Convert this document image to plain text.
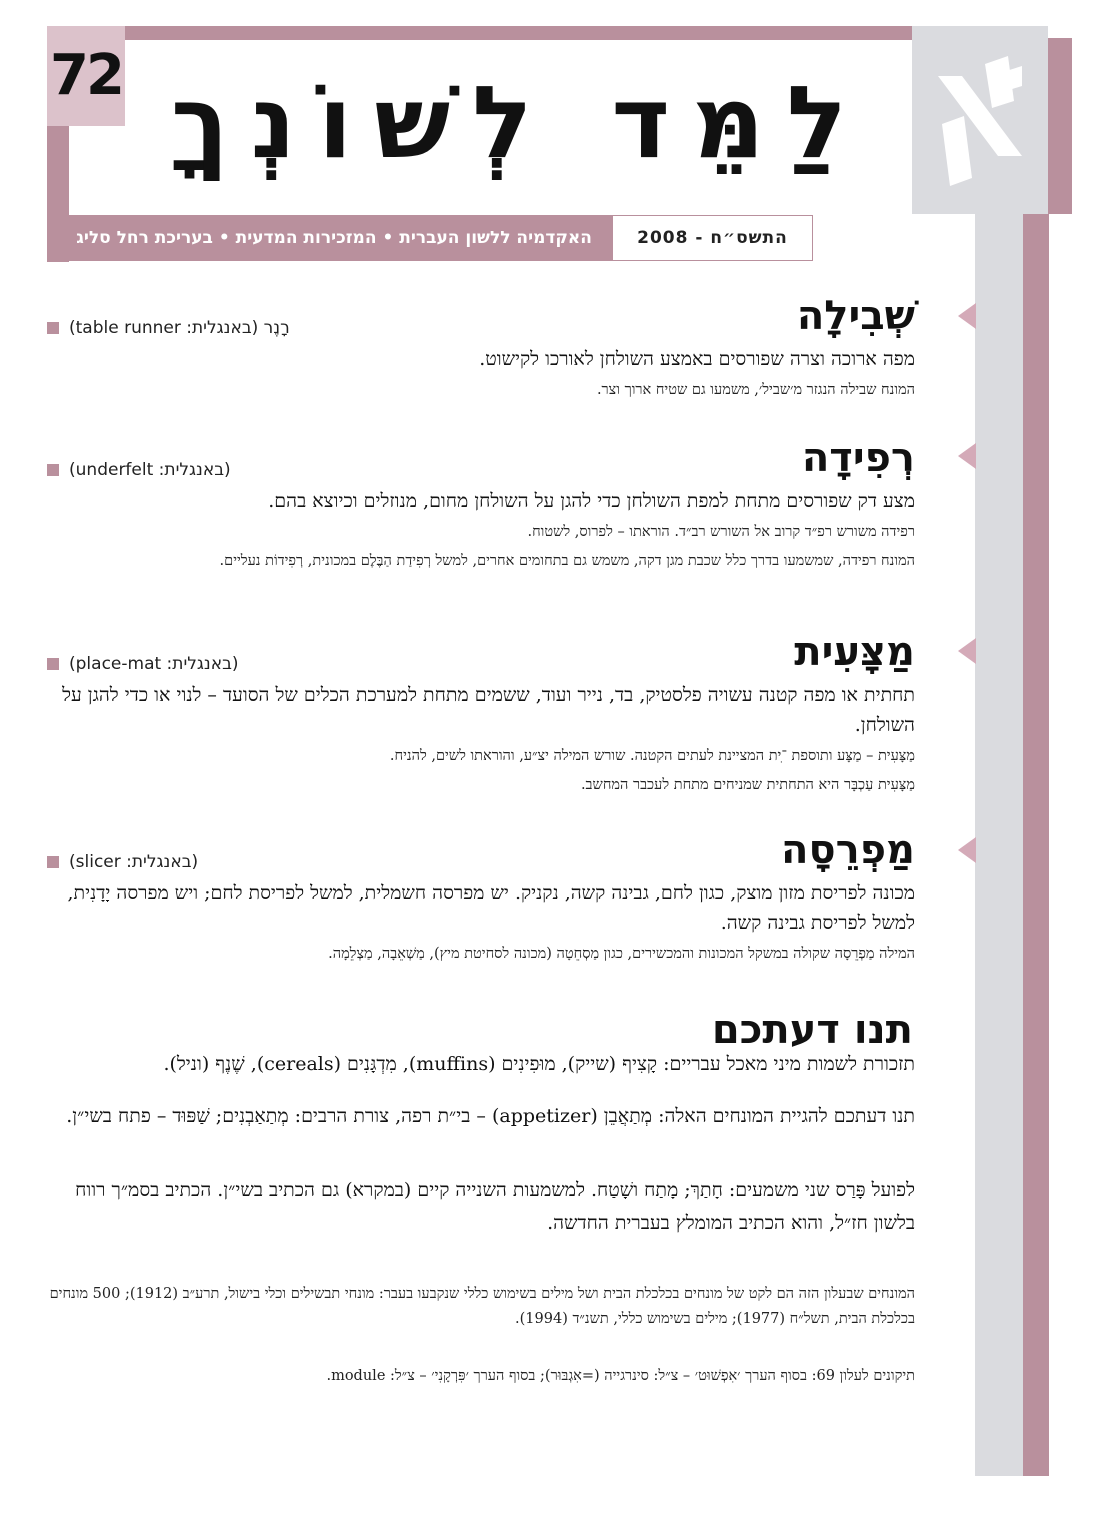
72 לַמֵּד לְשׁוֹנְךָ
האקדמיה ללשון העברית • המזכירות המדעית • בעריכת רחל סליג	התשס״ח - 2008
שְׁבִילָה
רָנֶר (באנגלית: table runner)

מפה ארוכה וצרה שפורסים באמצע השולחן לאורכו לקישוט.

המונח שבילה הנגזר מ׳שביל׳, משמעו גם שטיח ארוך וצר.

רְפִידָה
(באנגלית: underfelt)

מצע דק שפורסים מתחת למפת השולחן כדי להגן על השולחן מחום, מנוזלים וכיוצא בהם.

רפידה משורש רפ״ד קרוב אל השורש רב״ד. הוראתו – לפרוס, לשטוח.

המונח רפידה, שמשמעו בדרך כלל שכבת מגן דקה, משמש גם בתחומים אחרים, למשל רְפִידַת הַבֶּלֶם במכונית, רְפִידוֹת נעליים.

מַצָּעִית
(באנגלית: place-mat)

תחתית או מפה קטנה עשויה פלסטיק, בד, נייר ועוד, ששמים מתחת למערכת הכלים של הסועד – לנוי או כדי להגן על השולחן.

מַצָּעִית – מַצָּע ותוספת ־ִית המציינת לעתים הקטנה. שורש המילה יצ״ע, והוראתו לשים, להניח.

מַצָּעִית עַכְבָּר היא התחתית שמניחים מתחת לעכבר המחשב.

מַפְרֵסָה
(באנגלית: slicer)

מכונה לפריסת מזון מוצק, כגון לחם, גבינה קשה, נקניק. יש מפרסה חשמלית, למשל לפריסת לחם; ויש מפרסה יָדָנִית, למשל לפריסת גבינה קשה.

המילה מַפְרֵסָה שקולה במשקל המכונות והמכשירים, כגון מַסְחֵטָה (מכונה לסחיטת מיץ), מַשְׁאֵבָה, מַצְלֵמָה.

תנו דעתכם

תזכורת לשמות מיני מאכל עבריים: קָצִיף (שייק), מוּפִינִים (muffins), מִדְגָּנִים (cereals), שֶׁנֶף (וניל).

תנו דעתכם להגיית המונחים האלה: מְתַאֲבֵן (appetizer) – בי״ת רפה, צורת הרבים: מְתַאַבְנִים; שַׁפּוּד – פתח בשי״ן.

לפועל פָּרַס שני משמעים: חָתַךְ; מָתַח ושָׁטַח. למשמעות השנייה קיים (במקרא) גם הכתיב בשי״ן. הכתיב בסמ״ך רווח בלשון חז״ל, והוא הכתיב המומלץ בעברית החדשה.

המונחים שבעלון הזה הם לקט של מונחים בכלכלת הבית ושל מילים בשימוש כללי שנקבעו בעבר: מונחי תבשילים וכלי בישול, תרע״ב (1912); 500 מונחים בכלכלת הבית, תשל״ח (1977); מילים בשימוש כללי, תשנ״ד (1994).

תיקונים לעלון 69: בסוף הערך ׳אִפְשׁוּט׳ – צ״ל: סינרגייה (=אִגְבּוּר); בסוף הערך ׳פִּרְקָנִי׳ – צ״ל: module.
